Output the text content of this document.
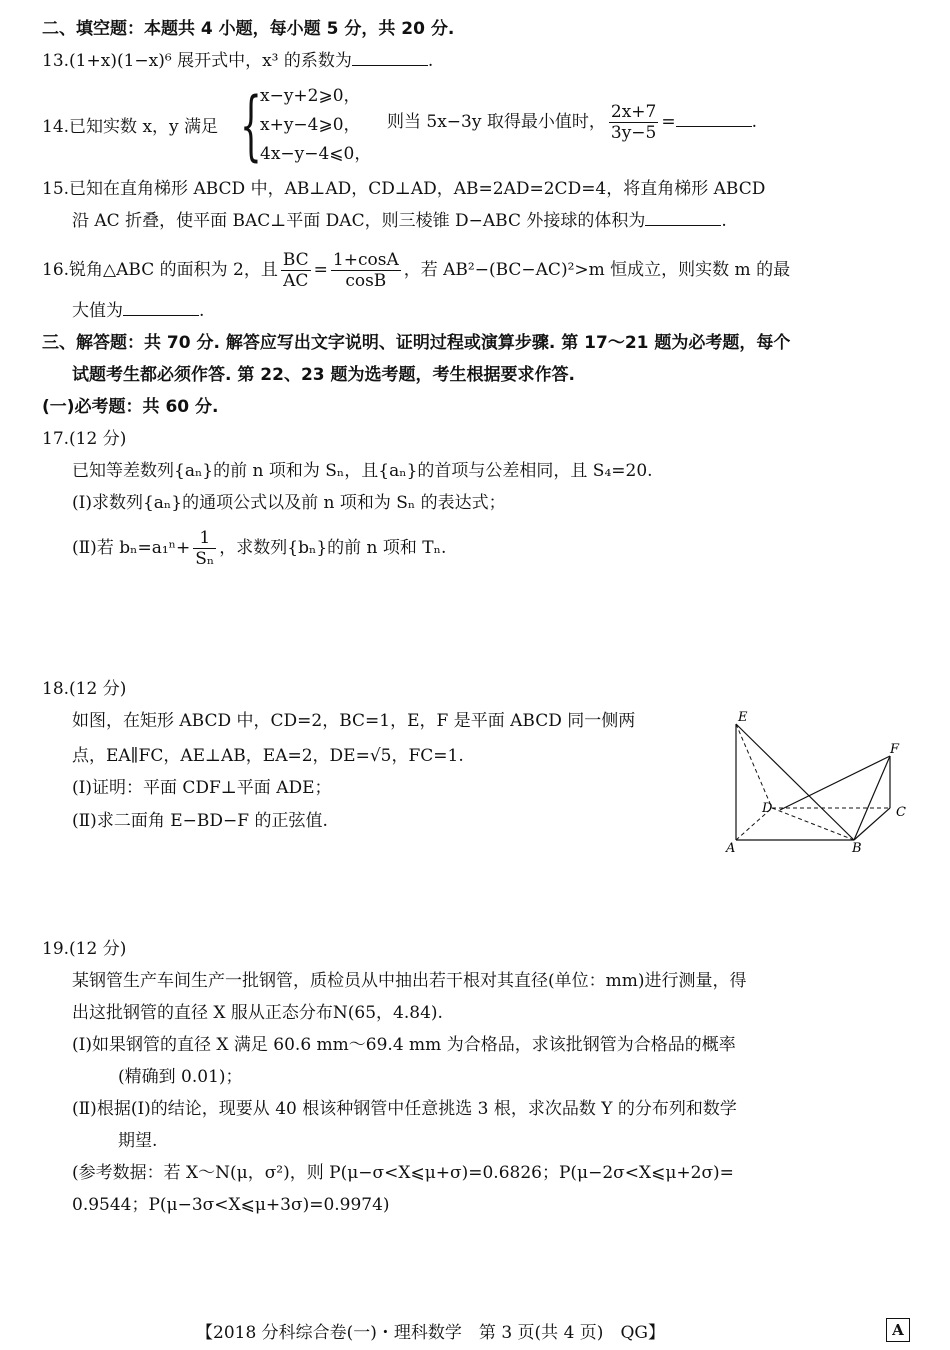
二、填空题：本题共 4 小题，每小题 5 分，共 20 分.
13.(1+x)(1−x)⁶ 展开式中，x³ 的系数为	.
14.已知实数 x，y 满足 {
x−y+2⩾0，
x+y−4⩾0，
4x−y−4⩽0，
则当 5x−3y 取得最小值时， $\frac{2x+7}{3y-5}$ =	.
15.已知在直角梯形 ABCD 中，AB⊥AD，CD⊥AD，AB=2AD=2CD=4，将直角梯形 ABCD
沿 AC 折叠，使平面 BAC⊥平面 DAC，则三棱锥 D−ABC 外接球的体积为	.
16.锐角△ABC 的面积为 2，且 $\frac{BC}{AC} = \frac{1+\cos A}{\cos B}$ ，若 AB²−(BC−AC)²>m 恒成立，则实数 m 的最
大值为	.
三、解答题：共 70 分. 解答应写出文字说明、证明过程或演算步骤. 第 17～21 题为必考题，每个
试题考生都必须作答. 第 22、23 题为选考题，考生根据要求作答.
(一)必考题：共 60 分.
17.(12 分)
已知等差数列{aₙ}的前 n 项和为 Sₙ，且{aₙ}的首项与公差相同，且 S₄=20.
(Ⅰ)求数列{aₙ}的通项公式以及前 n 项和为 Sₙ 的表达式；
(Ⅱ)若 $b_n=a_1^n+ \frac{1}{\text{Sₙ}}$ ，求数列{bₙ}的前 n 项和 Tₙ.
18.(12 分)
如图，在矩形 ABCD 中，CD=2，BC=1，E，F 是平面 ABCD 同一侧两
点，EA∥FC，AE⊥AB，EA=2，DE=√5，FC=1.
(Ⅰ)证明：平面 CDF⊥平面 ADE；
(Ⅱ)求二面角 E−BD−F 的正弦值.
E
F
D	C
A	B
19.(12 分)
某钢管生产车间生产一批钢管，质检员从中抽出若干根对其直径(单位：mm)进行测量，得
出这批钢管的直径 X 服从正态分布N(65，4.84).
(Ⅰ)如果钢管的直径 X 满足 60.6 mm～69.4 mm 为合格品，求该批钢管为合格品的概率
(精确到 0.01)；
(Ⅱ)根据(Ⅰ)的结论，现要从 40 根该种钢管中任意挑选 3 根，求次品数 Y 的分布列和数学
期望.
(参考数据：若 X～N(μ，σ²)，则 P(μ−σ<X⩽μ+σ)=0.6826；P(μ−2σ<X⩽μ+2σ)=
0.9544；P(μ−3σ<X⩽μ+3σ)=0.9974)
【2018 分科综合卷(一)・理科数学　第 3 页(共 4 页)　QG】	A
